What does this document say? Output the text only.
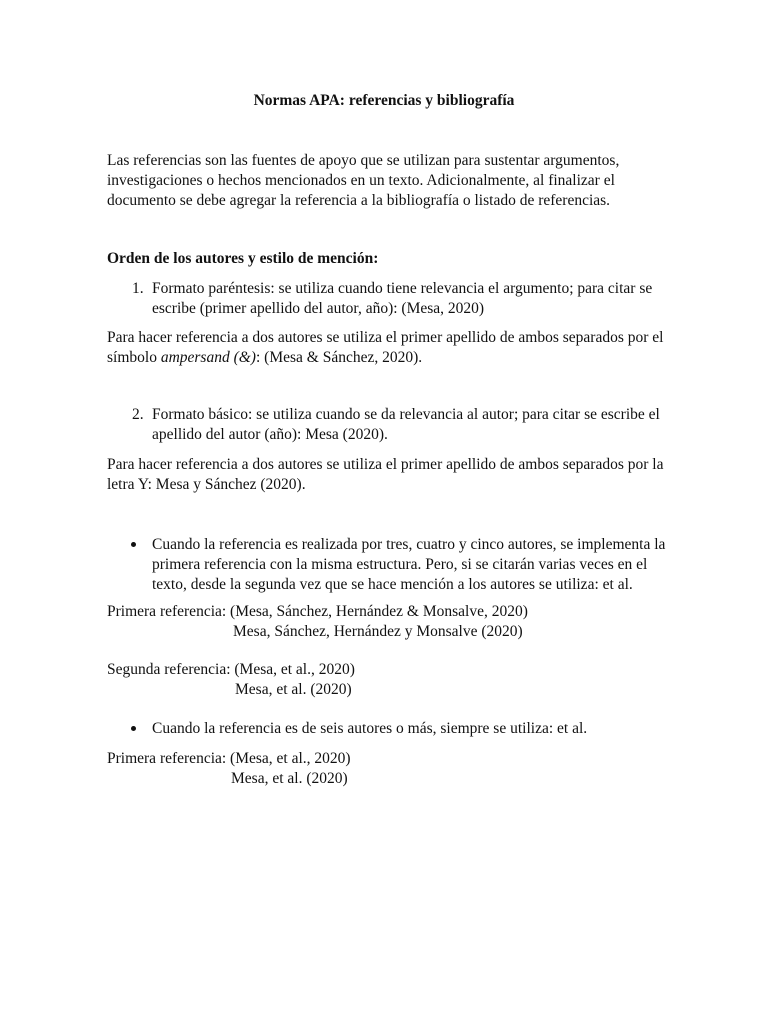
Normas APA: referencias y bibliografía
Las referencias son las fuentes de apoyo que se utilizan para sustentar argumentos,
investigaciones o hechos mencionados en un texto. Adicionalmente, al finalizar el
documento se debe agregar la referencia a la bibliografía o listado de referencias.
Orden de los autores y estilo de mención:
1. Formato paréntesis: se utiliza cuando tiene relevancia el argumento; para citar se
escribe (primer apellido del autor, año): (Mesa, 2020)
Para hacer referencia a dos autores se utiliza el primer apellido de ambos separados por el
símbolo ampersand (&): (Mesa & Sánchez, 2020).
2. Formato básico: se utiliza cuando se da relevancia al autor; para citar se escribe el
apellido del autor (año): Mesa (2020).
Para hacer referencia a dos autores se utiliza el primer apellido de ambos separados por la
letra Y: Mesa y Sánchez (2020).
Cuando la referencia es realizada por tres, cuatro y cinco autores, se implementa la
primera referencia con la misma estructura. Pero, si se citarán varias veces en el
texto, desde la segunda vez que se hace mención a los autores se utiliza: et al.
Primera referencia: (Mesa, Sánchez, Hernández & Monsalve, 2020)
Mesa, Sánchez, Hernández y Monsalve (2020)
Segunda referencia: (Mesa, et al., 2020)
Mesa, et al. (2020)
Cuando la referencia es de seis autores o más, siempre se utiliza: et al.
Primera referencia: (Mesa, et al., 2020)
Mesa, et al. (2020)
